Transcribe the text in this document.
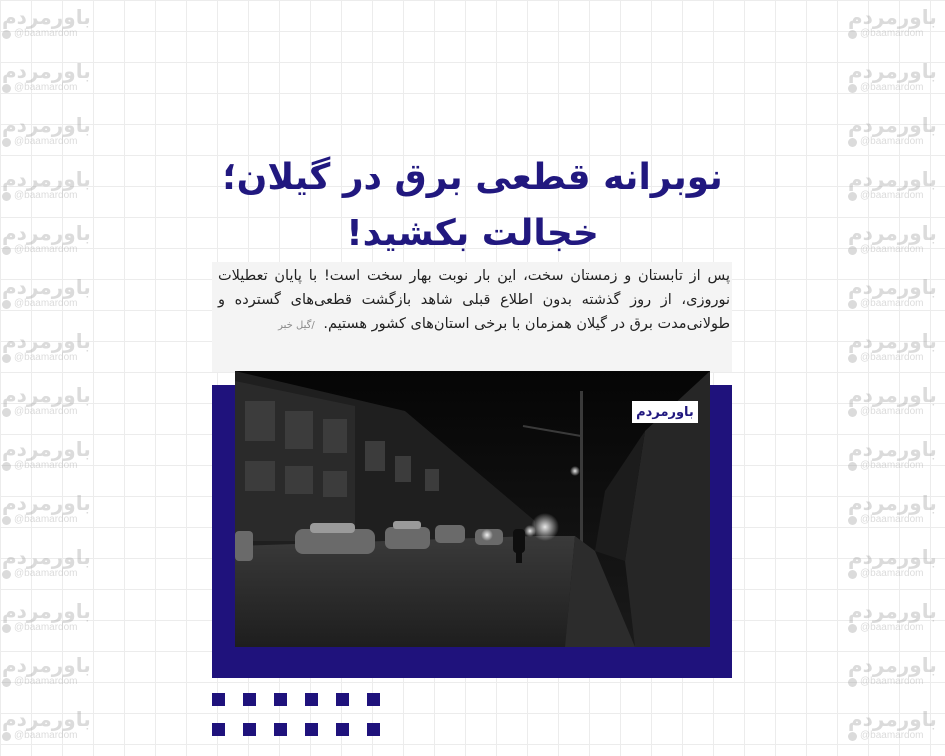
باورمردم
@baamardom
باورمردم
@baamardom
باورمردم
@baamardom
باورمردم
@baamardom
باورمردم
@baamardom
باورمردم
@baamardom
باورمردم
@baamardom
باورمردم
@baamardom
باورمردم
@baamardom
باورمردم
@baamardom
باورمردم
@baamardom
باورمردم
@baamardom
باورمردم
@baamardom
باورمردم
@baamardom
باورمردم
@baamardom
باورمردم
@baamardom
باورمردم
@baamardom
باورمردم
@baamardom
باورمردم
@baamardom
باورمردم
@baamardom
باورمردم
@baamardom
باورمردم
@baamardom
باورمردم
@baamardom
باورمردم
@baamardom
باورمردم
@baamardom
باورمردم
@baamardom
باورمردم
@baamardom
باورمردم
@baamardom
نوبرانه قطعی برق در گیلان؛
خجالت بکشید!

پس از تابستان و زمستان سخت، این بار نوبت بهار سخت است! با پایان تعطیلات نوروزی، از روز گذشته بدون اطلاع قبلی شاهد بازگشت قطعی‌های گسترده و طولانی‌مدت برق در گیلان همزمان با برخی استان‌های کشور هستیم. /گیل خبر

باورمردم
